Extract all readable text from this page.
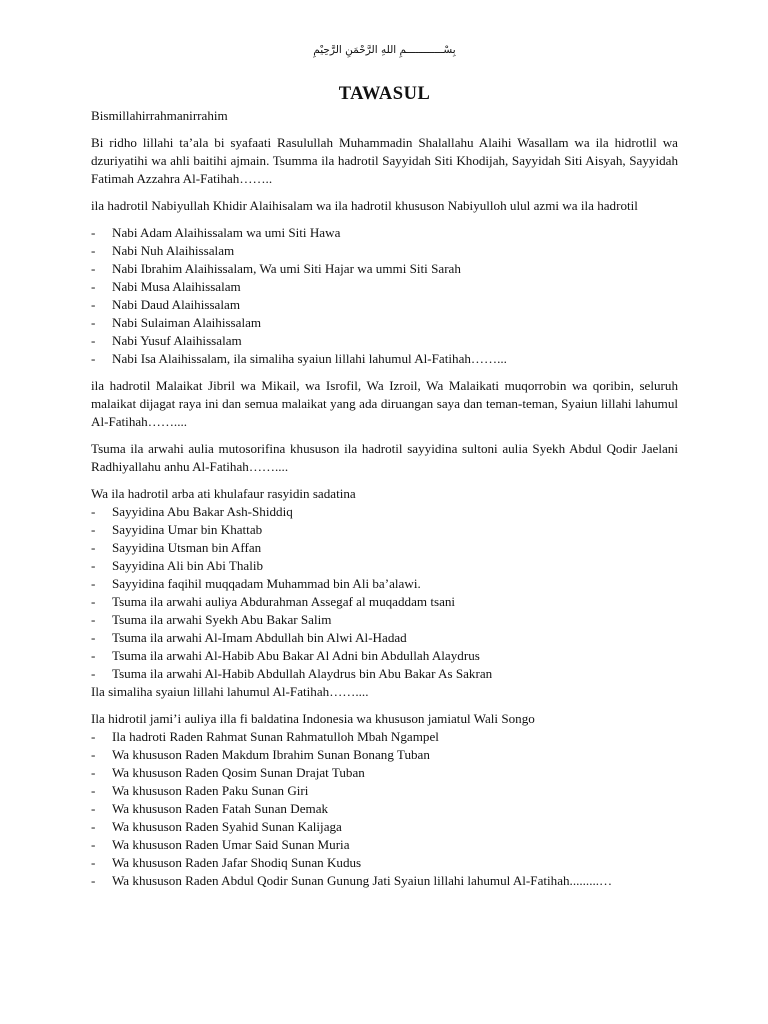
بِسْــــــــــــمِ اللهِ الرَّحْمَنِ الرَّحِيْمِ

TAWASUL

Bismillahirrahmanirrahim

Bi ridho lillahi ta’ala bi syafaati Rasulullah Muhammadin Shalallahu Alaihi Wasallam wa ila hidrotlil wa dzuriyatihi wa ahli baitihi ajmain. Tsumma ila hadrotil Sayyidah Siti Khodijah, Sayyidah Siti Aisyah, Sayyidah Fatimah Azzahra Al-Fatihah……..

ila hadrotil Nabiyullah Khidir Alaihisalam wa ila hadrotil khususon Nabiyulloh ulul azmi wa ila hadrotil

- Nabi Adam Alaihissalam wa umi Siti Hawa
- Nabi Nuh Alaihissalam
- Nabi Ibrahim Alaihissalam, Wa umi Siti Hajar wa ummi Siti Sarah
- Nabi Musa Alaihissalam
- Nabi Daud Alaihissalam
- Nabi Sulaiman Alaihissalam
- Nabi Yusuf Alaihissalam
- Nabi Isa Alaihissalam, ila simaliha syaiun lillahi lahumul Al-Fatihah……...

ila hadrotil Malaikat Jibril wa Mikail, wa Isrofil, Wa Izroil, Wa Malaikati muqorrobin wa qoribin, seluruh malaikat dijagat raya ini dan semua malaikat yang ada diruangan saya dan teman-teman, Syaiun lillahi lahumul Al-Fatihah……....

Tsuma ila arwahi aulia mutosorifina khususon ila hadrotil sayyidina sultoni aulia Syekh Abdul Qodir Jaelani Radhiyallahu anhu Al-Fatihah……....

Wa ila hadrotil arba ati khulafaur rasyidin sadatina

- Sayyidina Abu Bakar Ash-Shiddiq
- Sayyidina Umar bin Khattab
- Sayyidina Utsman bin Affan
- Sayyidina Ali bin Abi Thalib
- Sayyidina faqihil muqqadam Muhammad bin Ali ba’alawi.
- Tsuma ila arwahi auliya Abdurahman Assegaf al muqaddam tsani
- Tsuma ila arwahi Syekh Abu Bakar Salim
- Tsuma ila arwahi Al-Imam Abdullah bin Alwi Al-Hadad
- Tsuma ila arwahi Al-Habib Abu Bakar Al Adni bin Abdullah Alaydrus
- Tsuma ila arwahi Al-Habib Abdullah Alaydrus bin Abu Bakar As Sakran

Ila simaliha syaiun lillahi lahumul Al-Fatihah……....

Ila hidrotil jami’i auliya illa fi baldatina Indonesia wa khususon jamiatul Wali Songo

- Ila hadroti Raden Rahmat Sunan Rahmatulloh Mbah Ngampel
- Wa khususon Raden Makdum Ibrahim Sunan Bonang Tuban
- Wa khususon Raden Qosim Sunan Drajat Tuban
- Wa khususon Raden Paku Sunan Giri
- Wa khususon Raden Fatah Sunan Demak
- Wa khususon Raden Syahid Sunan Kalijaga
- Wa khususon Raden Umar Said Sunan Muria
- Wa khususon Raden Jafar Shodiq Sunan Kudus
- Wa khususon Raden Abdul Qodir Sunan Gunung Jati Syaiun lillahi lahumul Al-Fatihah.........…
